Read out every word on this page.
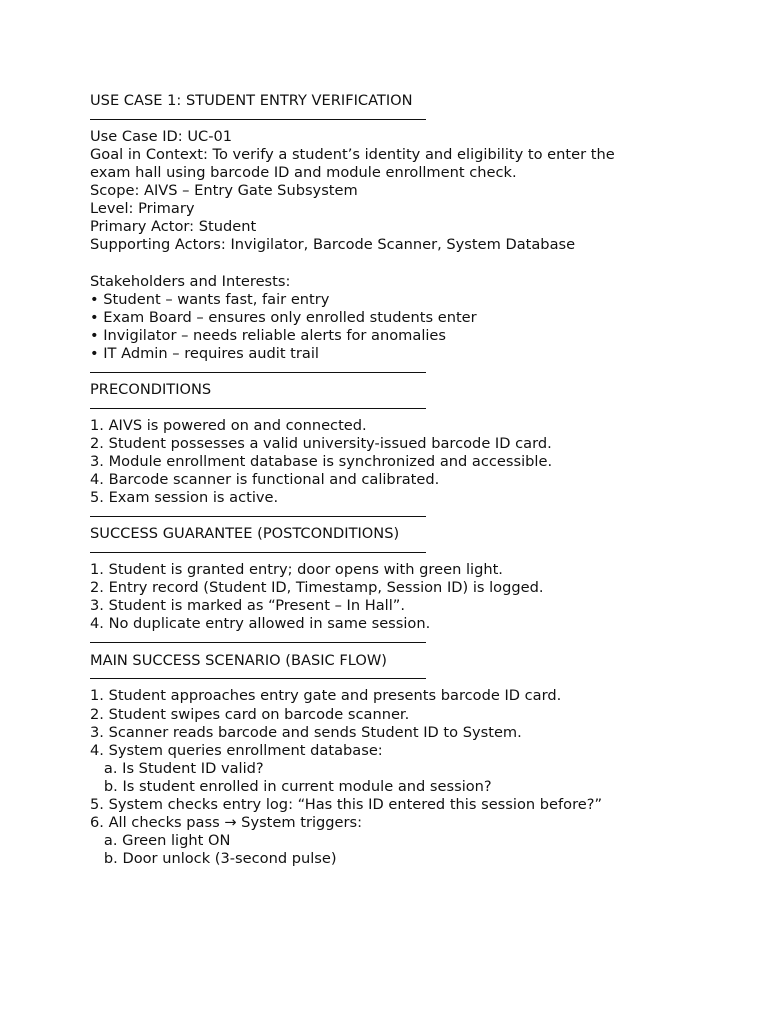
USE CASE 1: STUDENT ENTRY VERIFICATION
Use Case ID: UC-01
Goal in Context: To verify a student’s identity and eligibility to enter the
exam hall using barcode ID and module enrollment check.
Scope: AIVS – Entry Gate Subsystem
Level: Primary
Primary Actor: Student
Supporting Actors: Invigilator, Barcode Scanner, System Database
Stakeholders and Interests:
• Student – wants fast, fair entry
• Exam Board – ensures only enrolled students enter
• Invigilator – needs reliable alerts for anomalies
• IT Admin – requires audit trail
PRECONDITIONS
1. AIVS is powered on and connected.
2. Student possesses a valid university-issued barcode ID card.
3. Module enrollment database is synchronized and accessible.
4. Barcode scanner is functional and calibrated.
5. Exam session is active.
SUCCESS GUARANTEE (POSTCONDITIONS)
1. Student is granted entry; door opens with green light.
2. Entry record (Student ID, Timestamp, Session ID) is logged.
3. Student is marked as “Present – In Hall”.
4. No duplicate entry allowed in same session.
MAIN SUCCESS SCENARIO (BASIC FLOW)
1. Student approaches entry gate and presents barcode ID card.
2. Student swipes card on barcode scanner.
3. Scanner reads barcode and sends Student ID to System.
4. System queries enrollment database:
a. Is Student ID valid?
b. Is student enrolled in current module and session?
5. System checks entry log: “Has this ID entered this session before?”
6. All checks pass → System triggers:
a. Green light ON
b. Door unlock (3-second pulse)
